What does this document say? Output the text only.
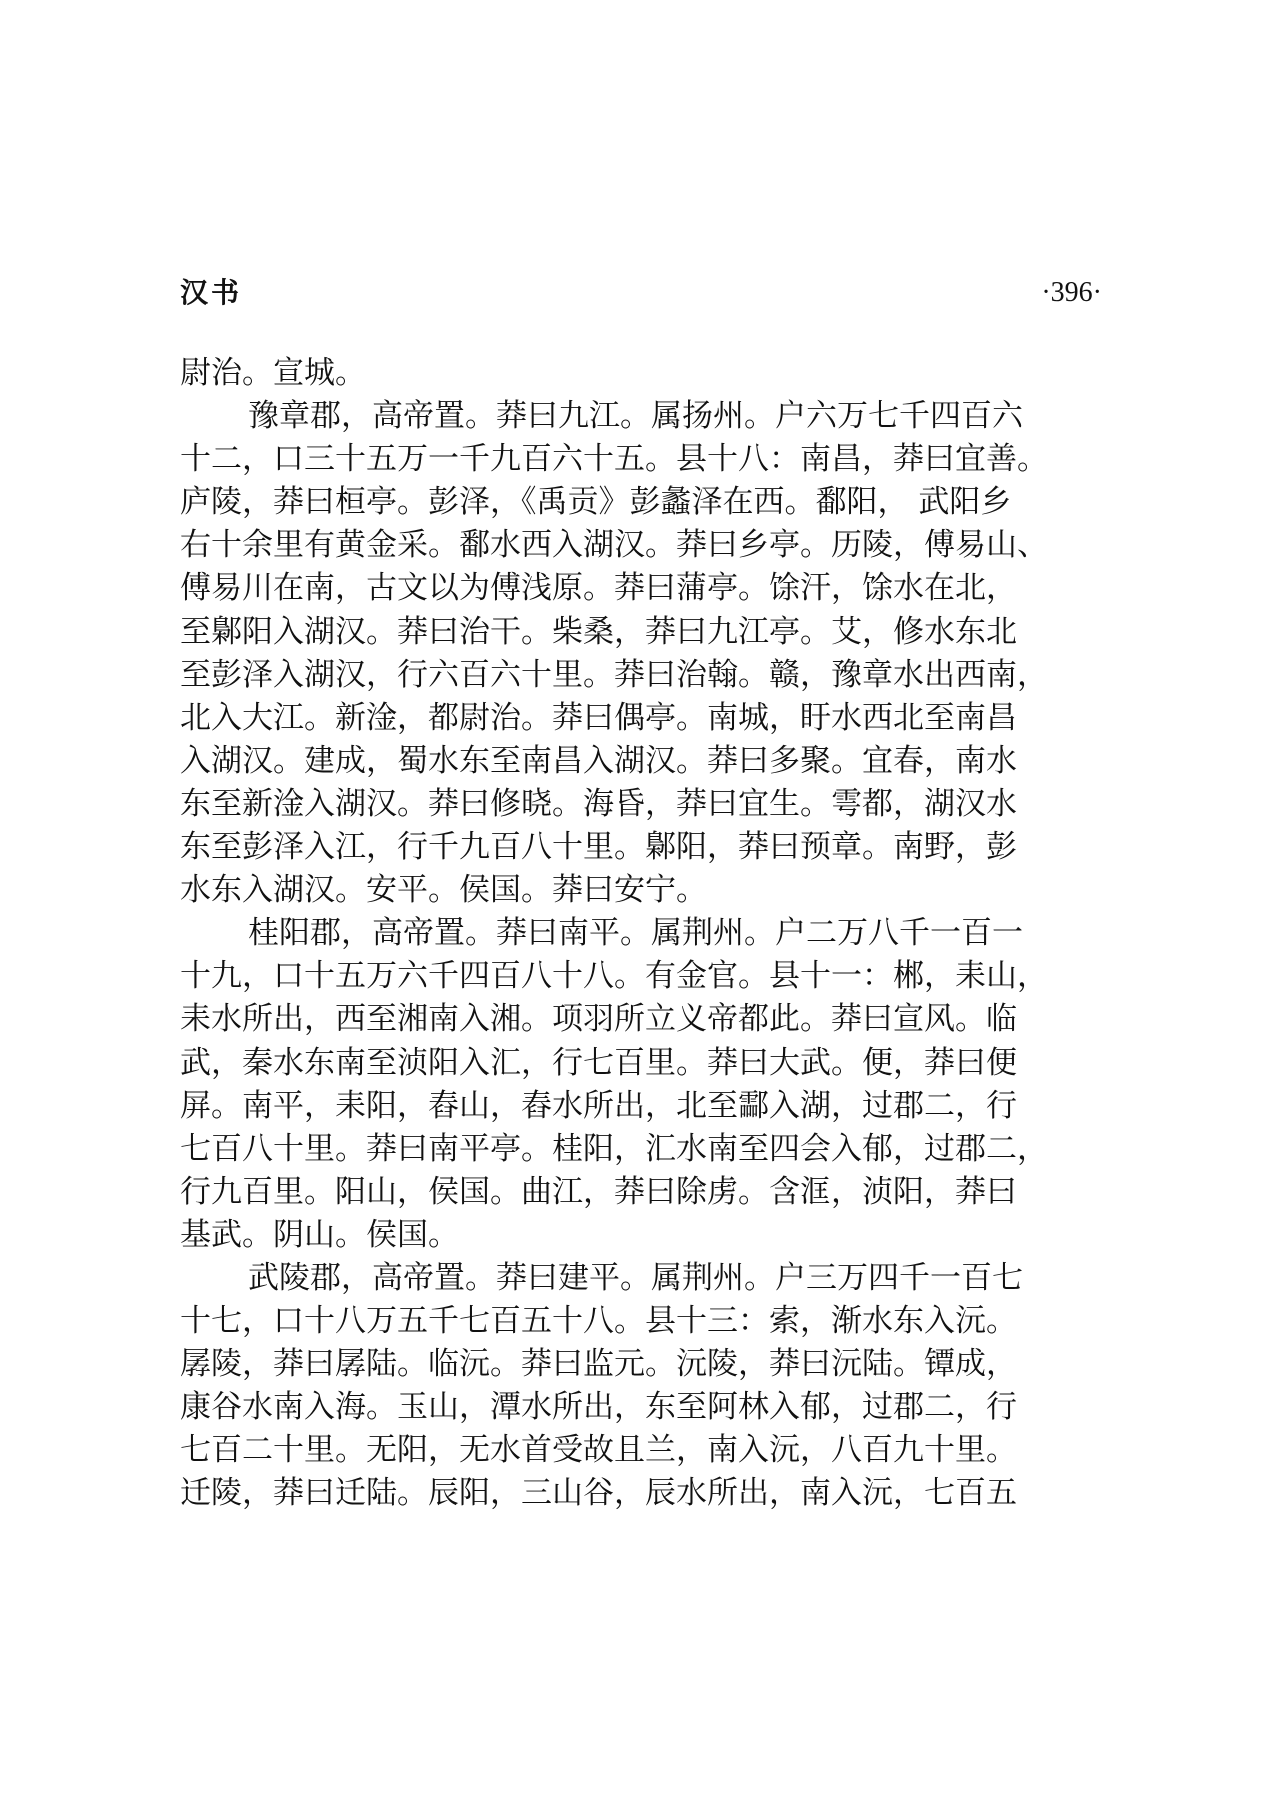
汉书	·396·
尉治。宣城。
豫章郡，高帝置。莽曰九江。属扬州。户六万七千四百六
十二，口三十五万一千九百六十五。县十八：南昌，莽曰宜善。
庐陵，莽曰桓亭。彭泽，《禹贡》彭蠡泽在西。鄱阳， 武阳乡
右十余里有黄金采。鄱水西入湖汉。莽曰乡亭。历陵，傅易山、
傅易川在南，古文以为傅浅原。莽曰蒲亭。馀汗，馀水在北，
至鄡阳入湖汉。莽曰治干。柴桑，莽曰九江亭。艾，修水东北
至彭泽入湖汉，行六百六十里。莽曰治翰。赣，豫章水出西南，
北入大江。新淦，都尉治。莽曰偶亭。南城，盱水西北至南昌
入湖汉。建成，蜀水东至南昌入湖汉。莽曰多聚。宜春，南水
东至新淦入湖汉。莽曰修晓。海昏，莽曰宜生。雩都，湖汉水
东至彭泽入江，行千九百八十里。鄡阳，莽曰预章。南野，彭
水东入湖汉。安平。侯国。莽曰安宁。
桂阳郡，高帝置。莽曰南平。属荆州。户二万八千一百一
十九，口十五万六千四百八十八。有金官。县十一：郴，耒山，
耒水所出，西至湘南入湘。项羽所立义帝都此。莽曰宣风。临
武，秦水东南至浈阳入汇，行七百里。莽曰大武。便，莽曰便
屏。南平，耒阳，舂山，舂水所出，北至酃入湖，过郡二，行
七百八十里。莽曰南平亭。桂阳，汇水南至四会入郁，过郡二，
行九百里。阳山，侯国。曲江，莽曰除虏。含洭，浈阳，莽曰
基武。阴山。侯国。
武陵郡，高帝置。莽曰建平。属荆州。户三万四千一百七
十七，口十八万五千七百五十八。县十三：索，渐水东入沅。
孱陵，莽曰孱陆。临沅。莽曰监元。沅陵，莽曰沅陆。镡成，
康谷水南入海。玉山，潭水所出，东至阿林入郁，过郡二，行
七百二十里。无阳，无水首受故且兰，南入沅，八百九十里。
迁陵，莽曰迁陆。辰阳，三山谷，辰水所出，南入沅，七百五
